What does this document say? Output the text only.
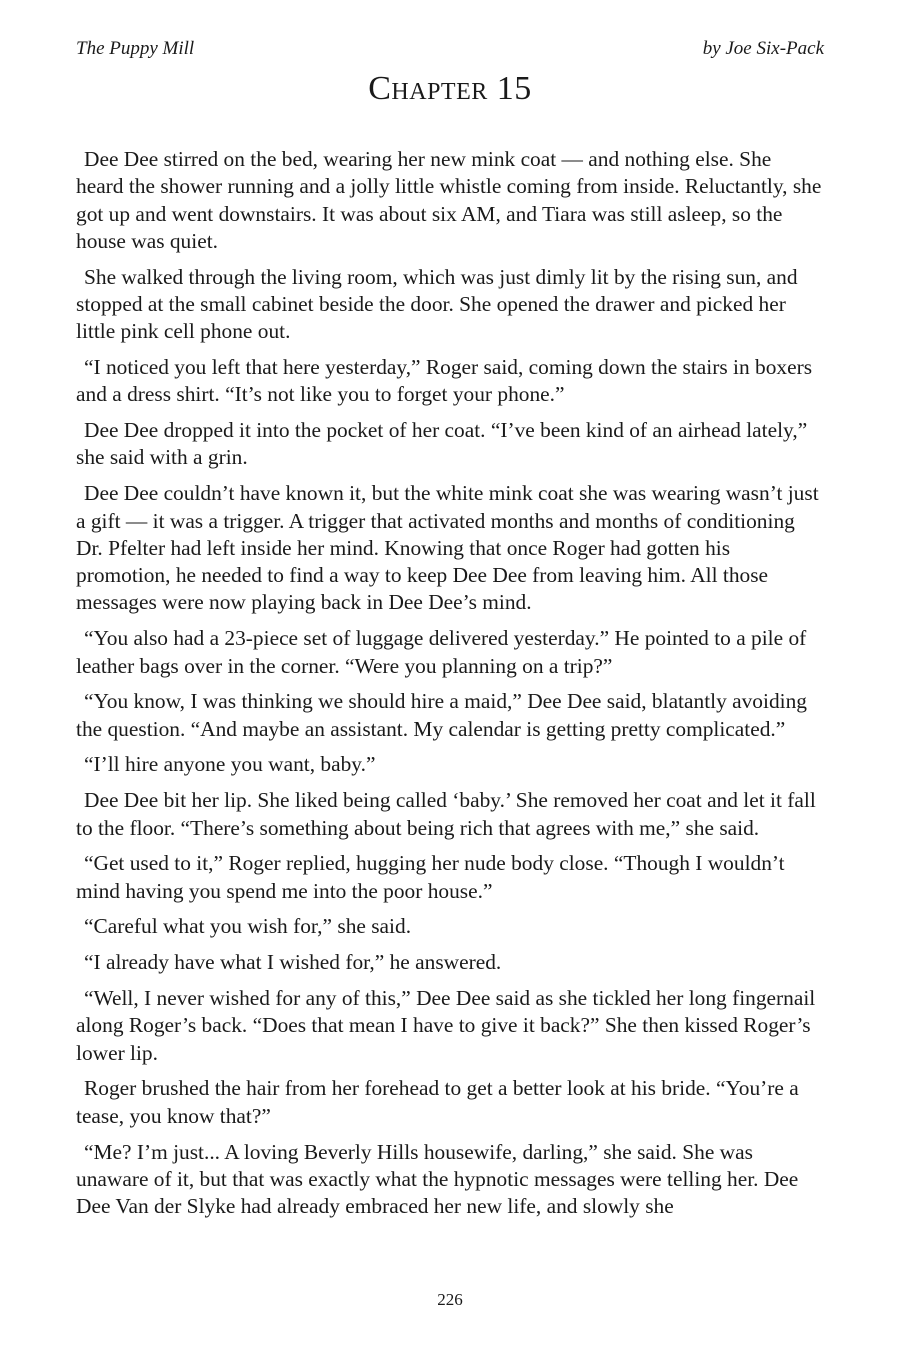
The Puppy Mill	by Joe Six-Pack
Chapter 15

Dee Dee stirred on the bed, wearing her new mink coat — and nothing else. She heard the shower running and a jolly little whistle coming from inside. Reluctantly, she got up and went downstairs. It was about six AM, and Tiara was still asleep, so the house was quiet.

She walked through the living room, which was just dimly lit by the rising sun, and stopped at the small cabinet beside the door. She opened the drawer and picked her little pink cell phone out.

“I noticed you left that here yesterday,” Roger said, coming down the stairs in boxers and a dress shirt. “It’s not like you to forget your phone.”

Dee Dee dropped it into the pocket of her coat. “I’ve been kind of an airhead lately,” she said with a grin.

Dee Dee couldn’t have known it, but the white mink coat she was wearing wasn’t just a gift — it was a trigger. A trigger that activated months and months of conditioning Dr. Pfelter had left inside her mind. Knowing that once Roger had gotten his promotion, he needed to find a way to keep Dee Dee from leaving him. All those messages were now playing back in Dee Dee’s mind.

“You also had a 23-piece set of luggage delivered yesterday.” He pointed to a pile of leather bags over in the corner. “Were you planning on a trip?”

“You know, I was thinking we should hire a maid,” Dee Dee said, blatantly avoiding the question. “And maybe an assistant. My calendar is getting pretty complicated.”

“I’ll hire anyone you want, baby.”

Dee Dee bit her lip. She liked being called ‘baby.’ She removed her coat and let it fall to the floor. “There’s something about being rich that agrees with me,” she said.

“Get used to it,” Roger replied, hugging her nude body close. “Though I wouldn’t mind having you spend me into the poor house.”

“Careful what you wish for,” she said.

“I already have what I wished for,” he answered.

“Well, I never wished for any of this,” Dee Dee said as she tickled her long fingernail along Roger’s back. “Does that mean I have to give it back?” She then kissed Roger’s lower lip.

Roger brushed the hair from her forehead to get a better look at his bride. “You’re a tease, you know that?”

“Me? I’m just... A loving Beverly Hills housewife, darling,” she said. She was unaware of it, but that was exactly what the hypnotic messages were telling her. Dee Dee Van der Slyke had already embraced her new life, and slowly she

226
